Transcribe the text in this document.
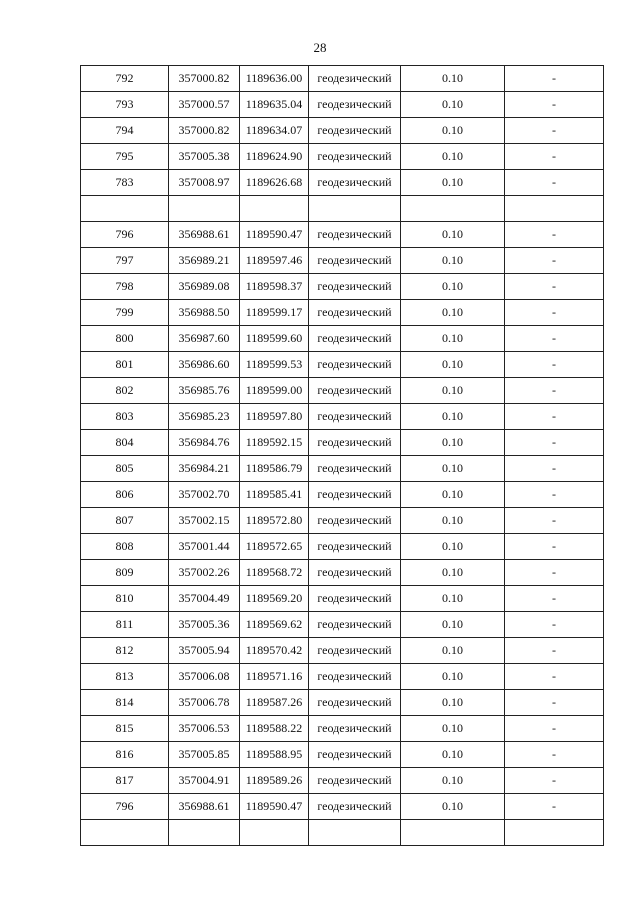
28
792	357000.82	1189636.00	геодезический	0.10	-
793	357000.57	1189635.04	геодезический	0.10	-
794	357000.82	1189634.07	геодезический	0.10	-
795	357005.38	1189624.90	геодезический	0.10	-
783	357008.97	1189626.68	геодезический	0.10	-

796	356988.61	1189590.47	геодезический	0.10	-
797	356989.21	1189597.46	геодезический	0.10	-
798	356989.08	1189598.37	геодезический	0.10	-
799	356988.50	1189599.17	геодезический	0.10	-
800	356987.60	1189599.60	геодезический	0.10	-
801	356986.60	1189599.53	геодезический	0.10	-
802	356985.76	1189599.00	геодезический	0.10	-
803	356985.23	1189597.80	геодезический	0.10	-
804	356984.76	1189592.15	геодезический	0.10	-
805	356984.21	1189586.79	геодезический	0.10	-
806	357002.70	1189585.41	геодезический	0.10	-
807	357002.15	1189572.80	геодезический	0.10	-
808	357001.44	1189572.65	геодезический	0.10	-
809	357002.26	1189568.72	геодезический	0.10	-
810	357004.49	1189569.20	геодезический	0.10	-
811	357005.36	1189569.62	геодезический	0.10	-
812	357005.94	1189570.42	геодезический	0.10	-
813	357006.08	1189571.16	геодезический	0.10	-
814	357006.78	1189587.26	геодезический	0.10	-
815	357006.53	1189588.22	геодезический	0.10	-
816	357005.85	1189588.95	геодезический	0.10	-
817	357004.91	1189589.26	геодезический	0.10	-
796	356988.61	1189590.47	геодезический	0.10	-
